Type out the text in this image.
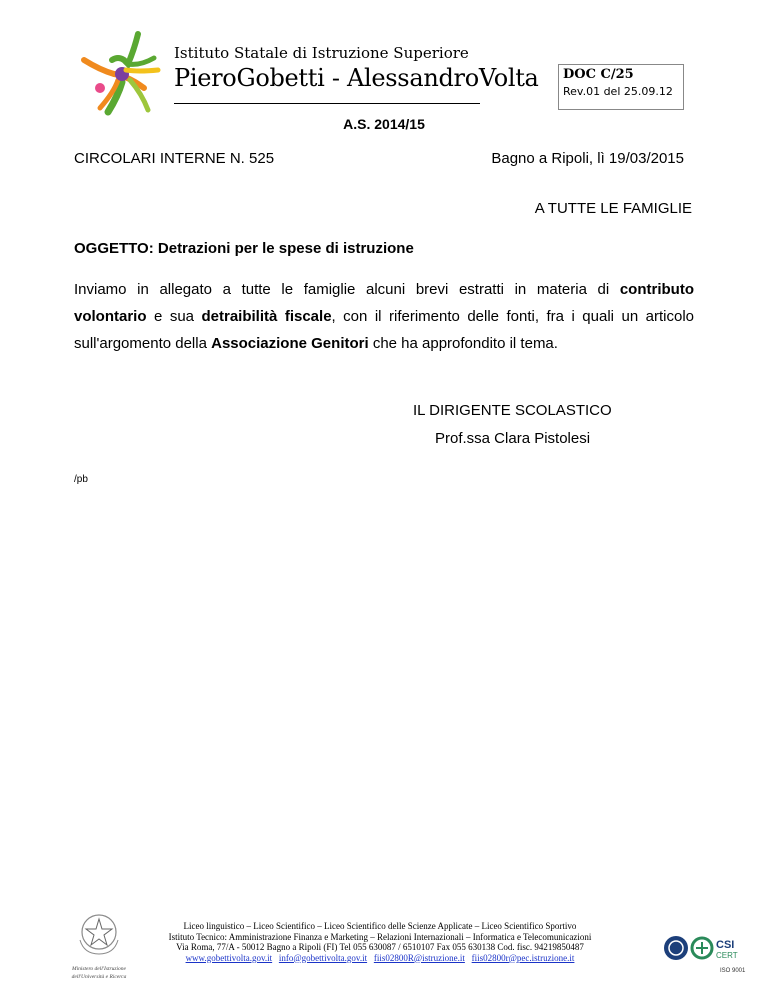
Istituto Statale di Istruzione Superiore
PieroGobetti - AlessandroVolta DOC C/25
Rev.01 del 25.09.12
A.S. 2014/15
CIRCOLARI INTERNE N. 525	Bagno a Ripoli, lì 19/03/2015
A TUTTE LE FAMIGLIE
OGGETTO: Detrazioni per le spese di istruzione
Inviamo in allegato a tutte le famiglie alcuni brevi estratti in materia di contributo
volontario e sua detraibilità fiscale, con il riferimento delle fonti, fra i quali un articolo
sull'argomento della Associazione Genitori che ha approfondito il tema.
IL DIRIGENTE SCOLASTICO
Prof.ssa Clara Pistolesi
/pb
Ministero dell'Istruzione
dell'Università e Ricerca
Liceo linguistico – Liceo Scientifico – Liceo Scientifico delle Scienze Applicate – Liceo Scientifico Sportivo
Istituto Tecnico: Amministrazione Finanza e Marketing – Relazioni Internazionali – Informatica e Telecomunicazioni
Via Roma, 77/A - 50012 Bagno a Ripoli (FI) Tel 055 630087 / 6510107 Fax 055 630138 Cod. fisc. 94219850487
www.gobettivolta.gov.it info@gobettivolta.gov.it fiis02800R@istruzione.it fiis02800r@pec.istruzione.it
CSI
CERT
ISO 9001
